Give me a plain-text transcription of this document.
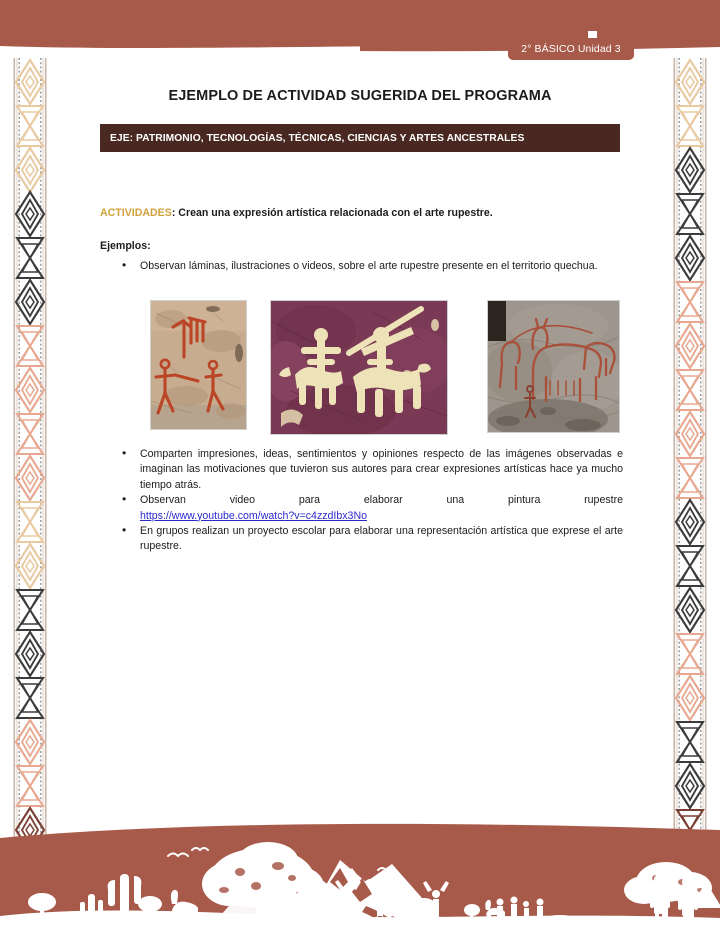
2° BÁSICO Unidad 3
EJEMPLO DE ACTIVIDAD SUGERIDA DEL PROGRAMA
EJE: PATRIMONIO, TECNOLOGÍAS, TÉCNICAS, CIENCIAS Y ARTES ANCESTRALES
ACTIVIDADES: Crean una expresión artística relacionada con el arte rupestre.
Ejemplos:
• Observan láminas, ilustraciones o videos, sobre el arte rupestre presente en el territorio quechua.
• Comparten impresiones, ideas, sentimientos y opiniones respecto de las imágenes observadas e imaginan las motivaciones que tuvieron sus autores para crear expresiones artísticas hace ya mucho tiempo atrás.
• Observan video para elaborar una pintura rupestre
https://www.youtube.com/watch?v=c4zzdIbx3No
• En grupos realizan un proyecto escolar para elaborar una representación artística que exprese el arte rupestre.
